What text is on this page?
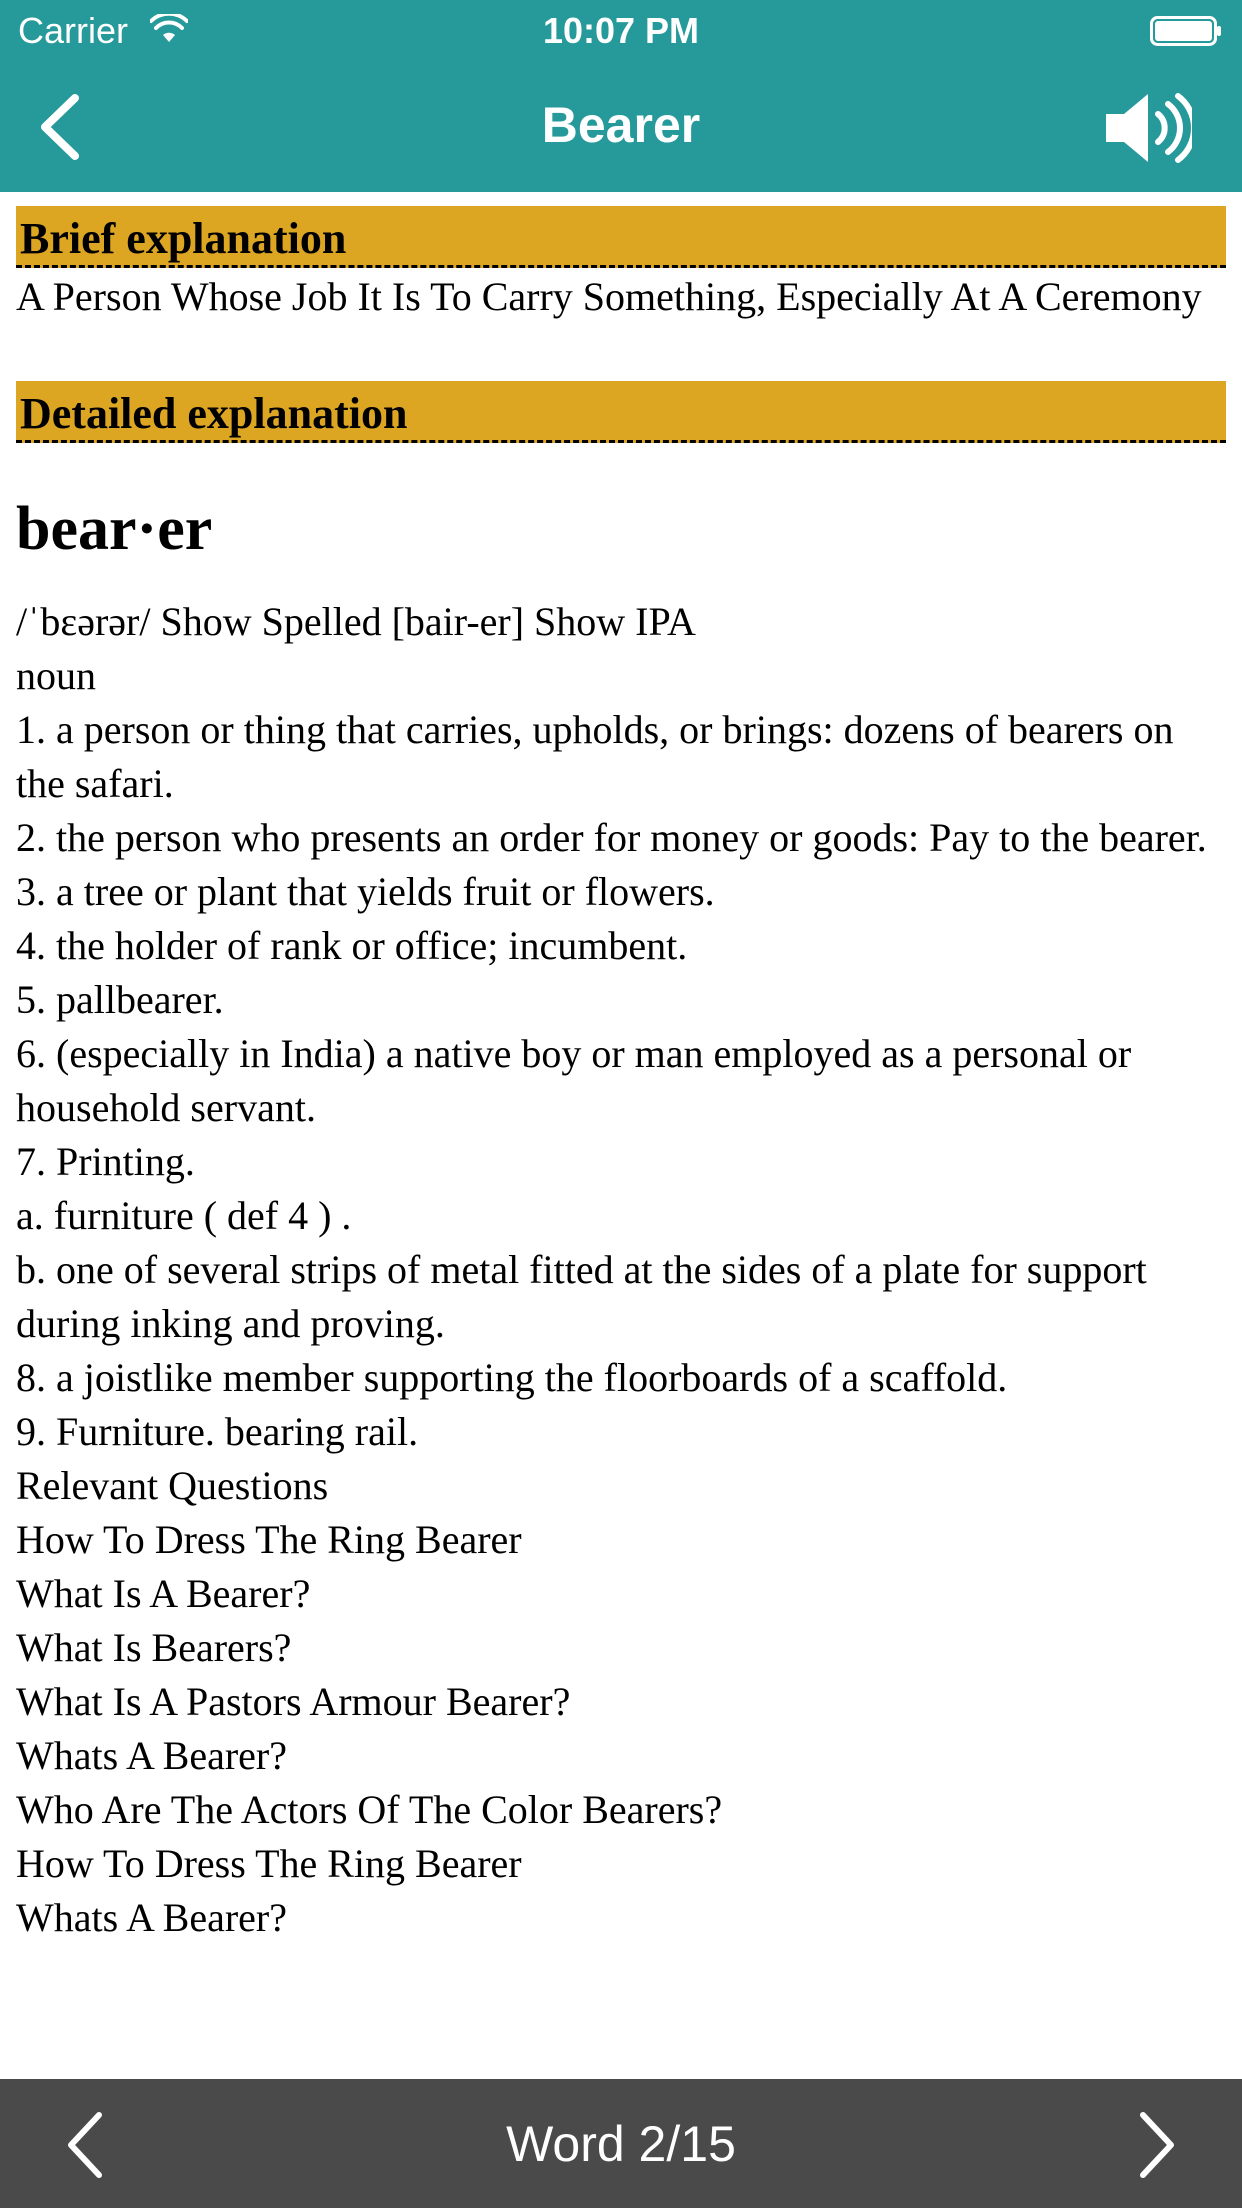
Carrier	10:07 PM
Bearer
Brief explanation
A Person Whose Job It Is To Carry Something, Especially At A Ceremony
Detailed explanation
bear·er
/ˈbɛərər/ Show Spelled [bair-er] Show IPA
noun
1. a person or thing that carries, upholds, or brings: dozens of bearers on the safari.
2. the person who presents an order for money or goods: Pay to the bearer.
3. a tree or plant that yields fruit or flowers.
4. the holder of rank or office; incumbent.
5. pallbearer.
6. (especially in India) a native boy or man employed as a personal or household servant.
7. Printing.
a. furniture ( def 4 ) .
b. one of several strips of metal fitted at the sides of a plate for support during inking and proving.
8. a joistlike member supporting the floorboards of a scaffold.
9. Furniture. bearing rail.
Relevant Questions
How To Dress The Ring Bearer
What Is A Bearer?
What Is Bearers?
What Is A Pastors Armour Bearer?
Whats A Bearer?
Who Are The Actors Of The Color Bearers?
How To Dress The Ring Bearer
Whats A Bearer?
Word 2/15
